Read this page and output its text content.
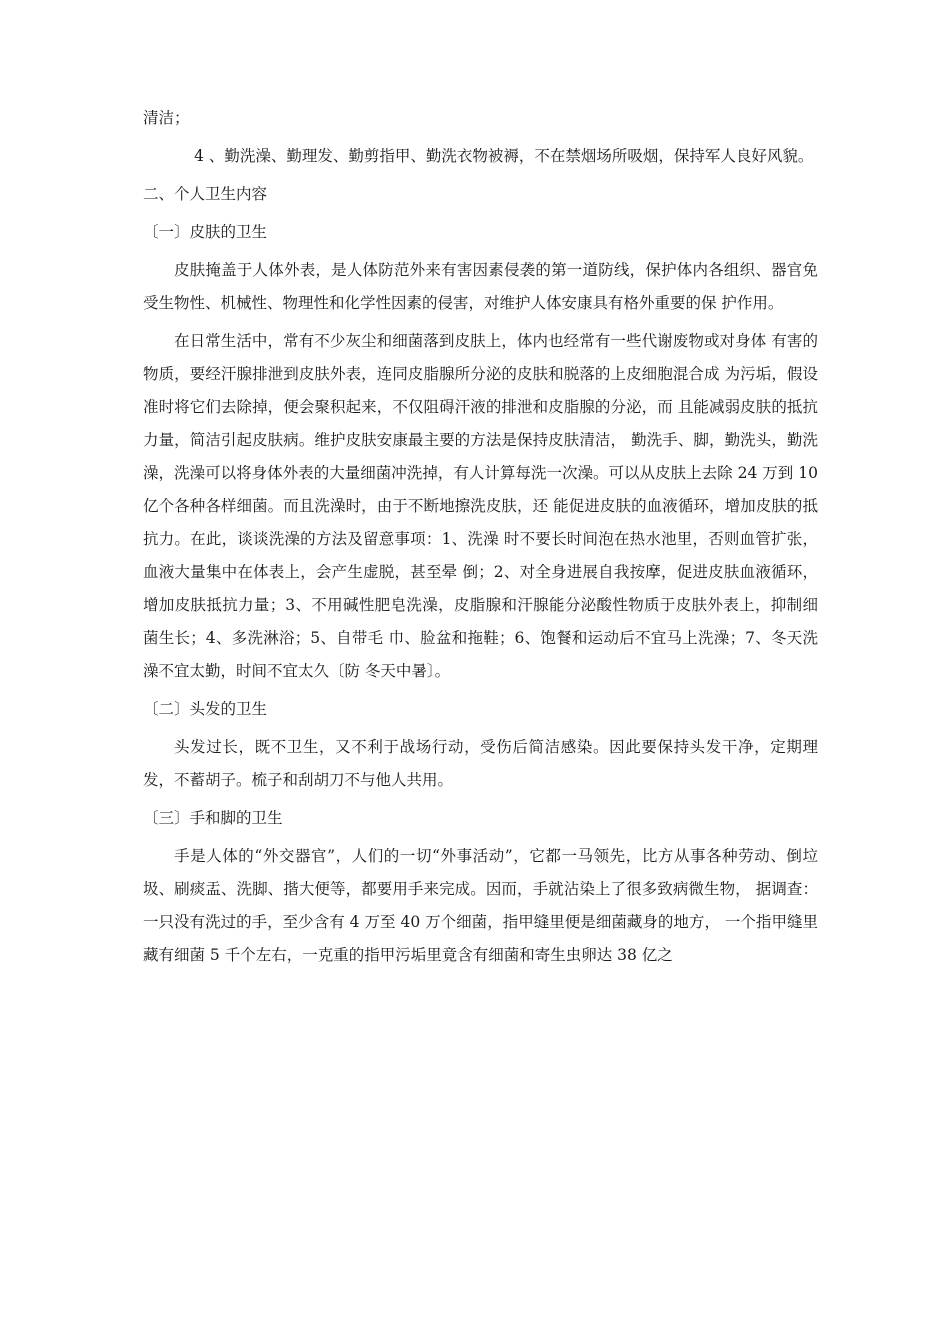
清洁；

4 、勤洗澡、勤理发、勤剪指甲、勤洗衣物被褥，不在禁烟场所吸烟，保持军人良好风貌。

二、个人卫生内容

〔一〕皮肤的卫生

皮肤掩盖于人体外表，是人体防范外来有害因素侵袭的第一道防线，保护体内各组织、器官免受生物性、机械性、物理性和化学性因素的侵害，对维护人体安康具有格外重要的保 护作用。

在日常生活中，常有不少灰尘和细菌落到皮肤上，体内也经常有一些代谢废物或对身体 有害的物质，要经汗腺排泄到皮肤外表，连同皮脂腺所分泌的皮肤和脱落的上皮细胞混合成 为污垢，假设准时将它们去除掉，便会聚积起来，不仅阻碍汗液的排泄和皮脂腺的分泌，而 且能减弱皮肤的抵抗力量，简洁引起皮肤病。维护皮肤安康最主要的方法是保持皮肤清洁， 勤洗手、脚，勤洗头，勤洗澡，洗澡可以将身体外表的大量细菌冲洗掉，有人计算每洗一次澡。可以从皮肤上去除 24 万到 10 亿个各种各样细菌。而且洗澡时，由于不断地擦洗皮肤，还 能促进皮肤的血液循环，增加皮肤的抵抗力。在此，谈谈洗澡的方法及留意事项：1、洗澡 时不要长时间泡在热水池里，否则血管扩张，血液大量集中在体表上，会产生虚脱，甚至晕 倒；2、对全身进展自我按摩，促进皮肤血液循环，增加皮肤抵抗力量；3、不用碱性肥皂洗澡，皮脂腺和汗腺能分泌酸性物质于皮肤外表上，抑制细菌生长；4、多洗淋浴；5、自带毛 巾、脸盆和拖鞋；6、饱餐和运动后不宜马上洗澡；7、冬天洗澡不宜太勤，时间不宜太久〔防 冬天中暑〕。

〔二〕头发的卫生

头发过长，既不卫生，又不利于战场行动，受伤后简洁感染。因此要保持头发干净，定期理发，不蓄胡子。梳子和刮胡刀不与他人共用。

〔三〕手和脚的卫生

手是人体的“外交器官”，人们的一切“外事活动”，它都一马领先，比方从事各种劳动、倒垃圾、刷痰盂、洗脚、揩大便等，都要用手来完成。因而，手就沾染上了很多致病微生物， 据调查：一只没有洗过的手，至少含有 4 万至 40 万个细菌，指甲缝里便是细菌藏身的地方， 一个指甲缝里藏有细菌 5 千个左右，一克重的指甲污垢里竟含有细菌和寄生虫卵达 38 亿之
